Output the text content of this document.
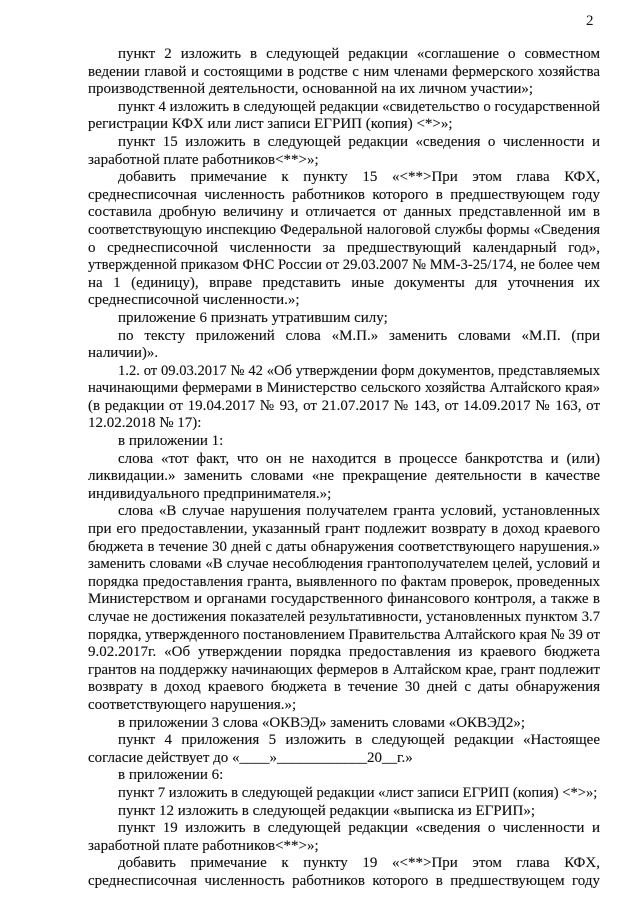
2
пункт 2 изложить в следующей редакции «соглашение о совместном
ведении главой и состоящими в родстве с ним членами фермерского хозяйства
производственной деятельности, основанной на их личном участии»;
пункт 4 изложить в следующей редакции «свидетельство о государственной
регистрации КФХ или лист записи ЕГРИП (копия) <*>»;
пункт 15 изложить в следующей редакции «сведения о численности и
заработной плате работников<**>»;
добавить примечание к пункту 15 «<**>При этом глава КФХ,
среднесписочная численность работников которого в предшествующем году
составила дробную величину и отличается от данных представленной им в
соответствующую инспекцию Федеральной налоговой службы формы «Сведения
о среднесписочной численности за предшествующий календарный год»,
утвержденной приказом ФНС России от 29.03.2007 № ММ-3-25/174, не более чем
на 1 (единицу), вправе представить иные документы для уточнения их
среднесписочной численности.»;
приложение 6 признать утратившим силу;
по тексту приложений слова «М.П.» заменить словами «М.П. (при
наличии)».
1.2. от 09.03.2017 № 42 «Об утверждении форм документов, представляемых
начинающими фермерами в Министерство сельского хозяйства Алтайского края»
(в редакции от 19.04.2017 № 93, от 21.07.2017 № 143, от 14.09.2017 № 163, от
12.02.2018 № 17):
в приложении 1:
слова «тот факт, что он не находится в процессе банкротства и (или)
ликвидации.» заменить словами «не прекращение деятельности в качестве
индивидуального предпринимателя.»;
слова «В случае нарушения получателем гранта условий, установленных
при его предоставлении, указанный грант подлежит возврату в доход краевого
бюджета в течение 30 дней с даты обнаружения соответствующего нарушения.»
заменить словами «В случае несоблюдения грантополучателем целей, условий и
порядка предоставления гранта, выявленного по фактам проверок, проведенных
Министерством и органами государственного финансового контроля, а также в
случае не достижения показателей результативности, установленных пунктом 3.7
порядка, утвержденного постановлением Правительства Алтайского края № 39 от
9.02.2017г. «Об утверждении порядка предоставления из краевого бюджета
грантов на поддержку начинающих фермеров в Алтайском крае, грант подлежит
возврату в доход краевого бюджета в течение 30 дней с даты обнаружения
соответствующего нарушения.»;
в приложении 3 слова «ОКВЭД» заменить словами «ОКВЭД2»;
пункт 4 приложения 5 изложить в следующей редакции «Настоящее
согласие действует до «____»____________20__г.»
в приложении 6:
пункт 7 изложить в следующей редакции «лист записи ЕГРИП (копия) <*>»;
пункт 12 изложить в следующей редакции «выписка из ЕГРИП»;
пункт 19 изложить в следующей редакции «сведения о численности и
заработной плате работников<**>»;
добавить примечание к пункту 19 «<**>При этом глава КФХ,
среднесписочная численность работников которого в предшествующем году
